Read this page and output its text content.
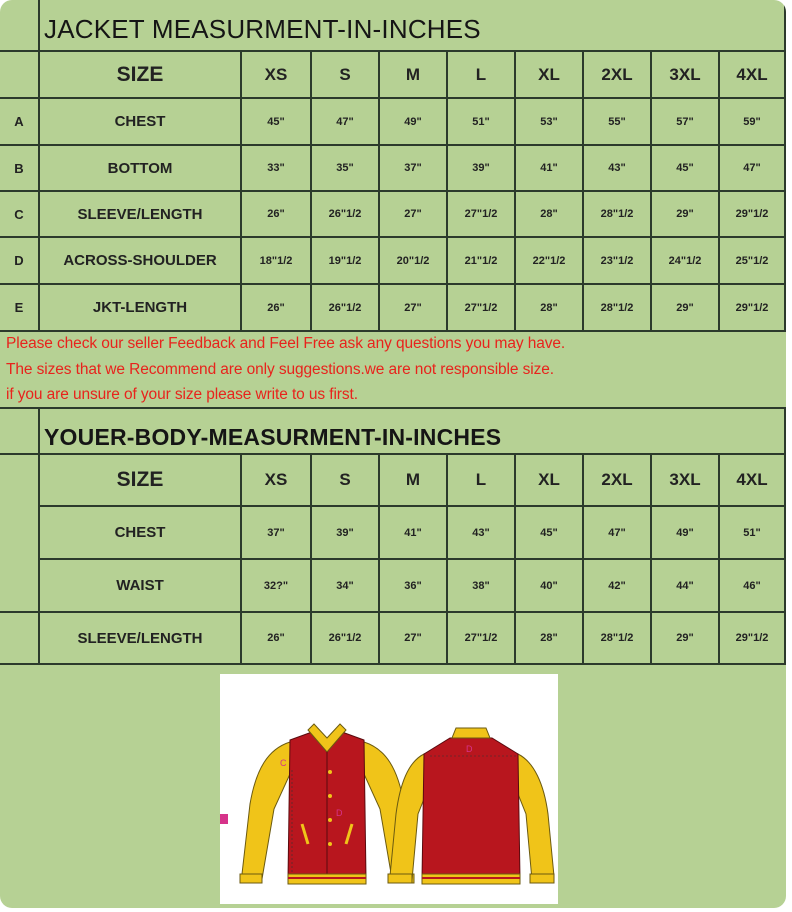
JACKET MEASURMENT-IN-INCHES
SIZE	XS	S	M	L	XL	2XL	3XL	4XL
A	CHEST	45"	47"	49"	51"	53"	55"	57"	59"
B	BOTTOM	33"	35"	37"	39"	41"	43"	45"	47"
C	SLEEVE/LENGTH	26"	26"1/2	27"	27"1/2	28"	28"1/2	29"	29"1/2
D	ACROSS-SHOULDER	18"1/2	19"1/2	20"1/2	21"1/2	22"1/2	23"1/2	24"1/2	25"1/2
E	JKT-LENGTH	26"	26"1/2	27"	27"1/2	28"	28"1/2	29"	29"1/2
Please check our seller Feedback and Feel Free ask any questions you may have.
The sizes that we Recommend are only suggestions.we are not responsible size.
if you are unsure of your size please write to us first.
YOUER-BODY-MEASURMENT-IN-INCHES
SIZE	XS	S	M	L	XL	2XL	3XL	4XL
CHEST	37"	39"	41"	43"	45"	47"	49"	51"
WAIST	32?"	34"	36"	38"	40"	42"	44"	46"
SLEEVE/LENGTH	26"	26"1/2	27"	27"1/2	28"	28"1/2	29"	29"1/2
C
D
D
